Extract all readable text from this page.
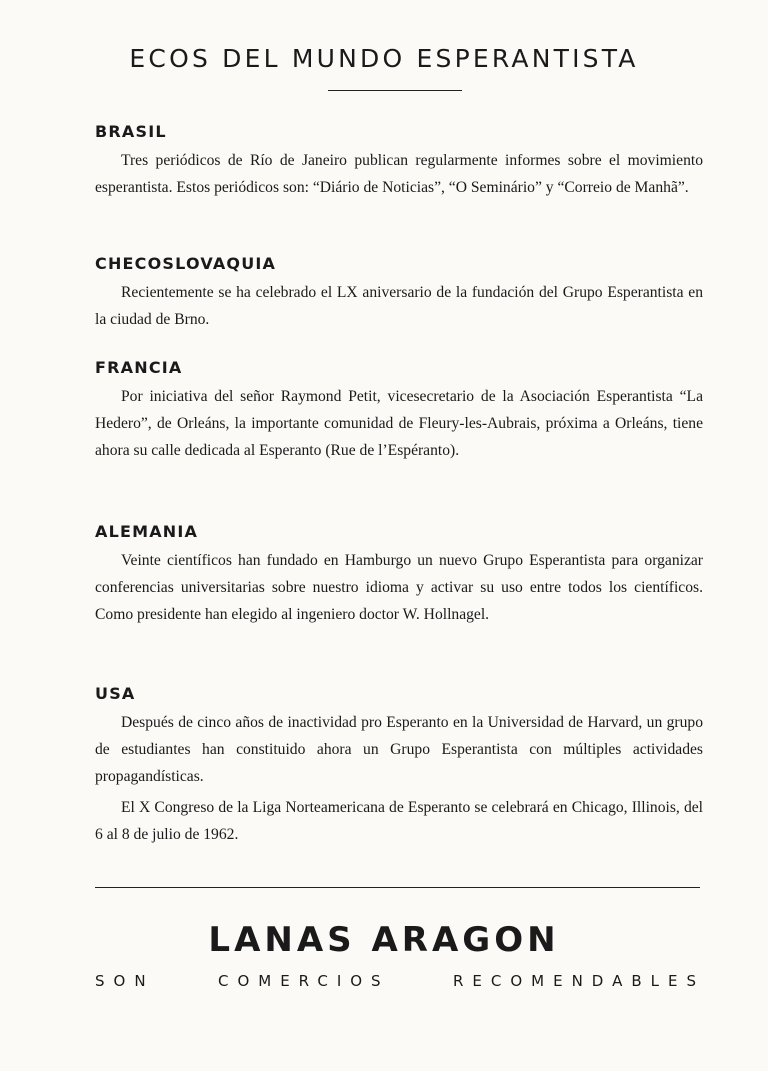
ECOS DEL MUNDO ESPERANTISTA
BRASIL

Tres periódicos de Río de Janeiro publican regularmente informes sobre el movimiento esperantista. Estos periódicos son: “Diário de Noticias”, “O Seminário” y “Correio de Manhã”.

CHECOSLOVAQUIA

Recientemente se ha celebrado el LX aniversario de la fundación del Grupo Esperantista en la ciudad de Brno.

FRANCIA

Por iniciativa del señor Raymond Petit, vicesecretario de la Asociación Esperantista “La Hedero”, de Orleáns, la importante comunidad de Fleury-les-Aubrais, próxima a Orleáns, tiene ahora su calle dedicada al Esperanto (Rue de l’Espéranto).

ALEMANIA

Veinte científicos han fundado en Hamburgo un nuevo Grupo Esperantista para organizar conferencias universitarias sobre nuestro idioma y activar su uso entre todos los científicos. Como presidente han elegido al ingeniero doctor W. Hollnagel.

USA

Después de cinco años de inactividad pro Esperanto en la Universidad de Harvard, un grupo de estudiantes han constituido ahora un Grupo Esperantista con múltiples actividades propagandísticas.

El X Congreso de la Liga Norteamericana de Esperanto se celebrará en Chicago, Illinois, del 6 al 8 de julio de 1962.

LANAS ARAGON
SON	COMERCIOS	RECOMENDABLES
